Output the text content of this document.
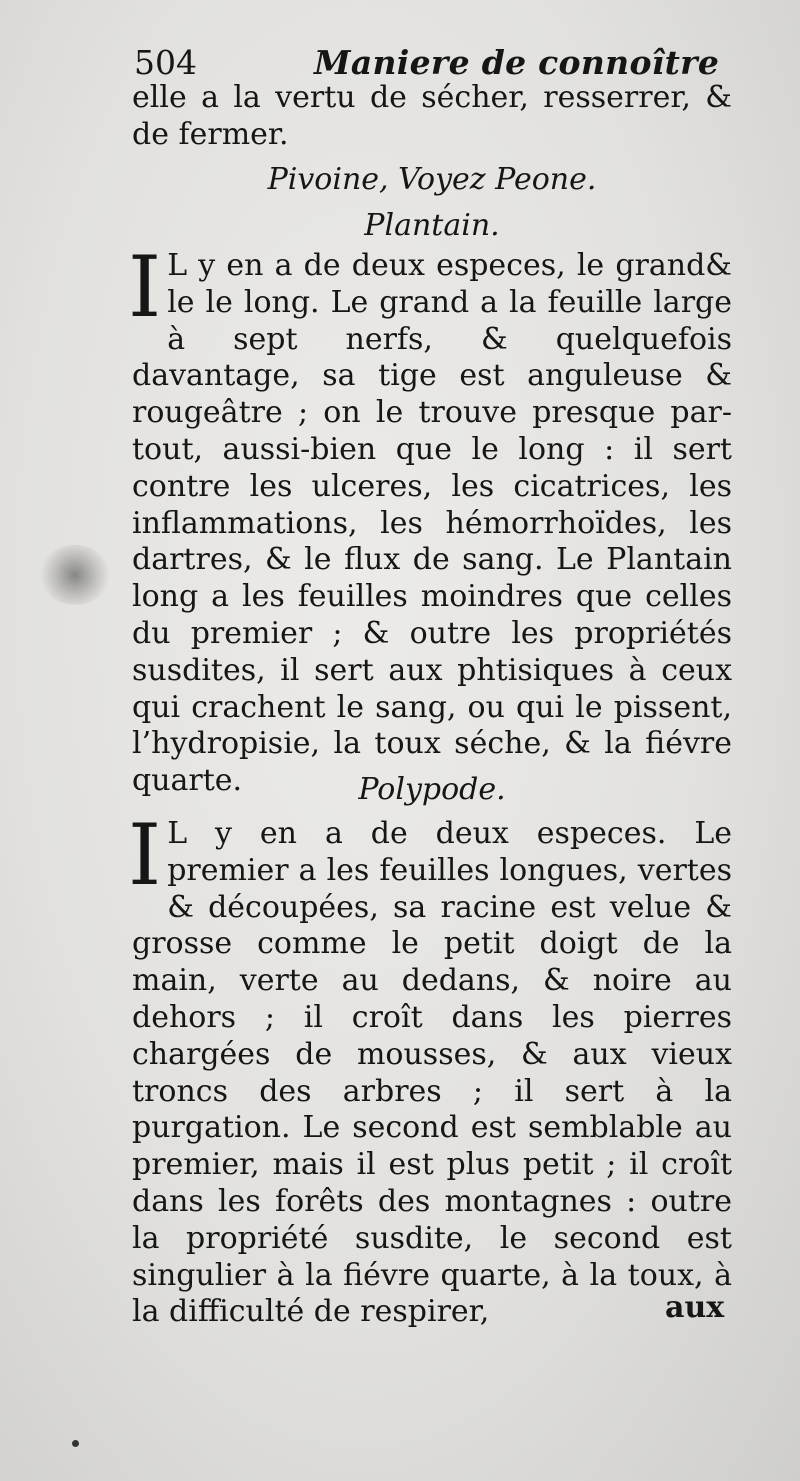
504	Maniere de connoître
elle a la vertu de sécher, resserrer, & de fermer.
Pivoine, Voyez Peone.
Plantain.
I L y en a de deux especes, le grand& le le long. Le grand a la feuille large à sept nerfs, & quelquefois davantage, sa tige est anguleuse & rougeâtre ; on le trouve presque par-tout, aussi-bien que le long : il sert contre les ulceres, les cicatrices, les inflammations, les hémorrhoïdes, les dartres, & le flux de sang. Le Plantain long a les feuilles moindres que celles du premier ; & outre les propriétés susdites, il sert aux phtisiques à ceux qui crachent le sang, ou qui le pissent, l’hydropisie, la toux séche, & la fiévre quarte.	Polypode.
I L y en a de deux especes. Le premier a les feuilles longues, vertes & découpées, sa racine est velue & grosse comme le petit doigt de la main, verte au dedans, & noire au dehors ; il croît dans les pierres chargées de mousses, & aux vieux troncs des arbres ; il sert à la purgation. Le second est semblable au premier, mais il est plus petit ; il croît dans les forêts des montagnes : outre la propriété susdite, le second est singulier à la fiévre quarte, à la toux, à la difficulté de respirer,	aux
